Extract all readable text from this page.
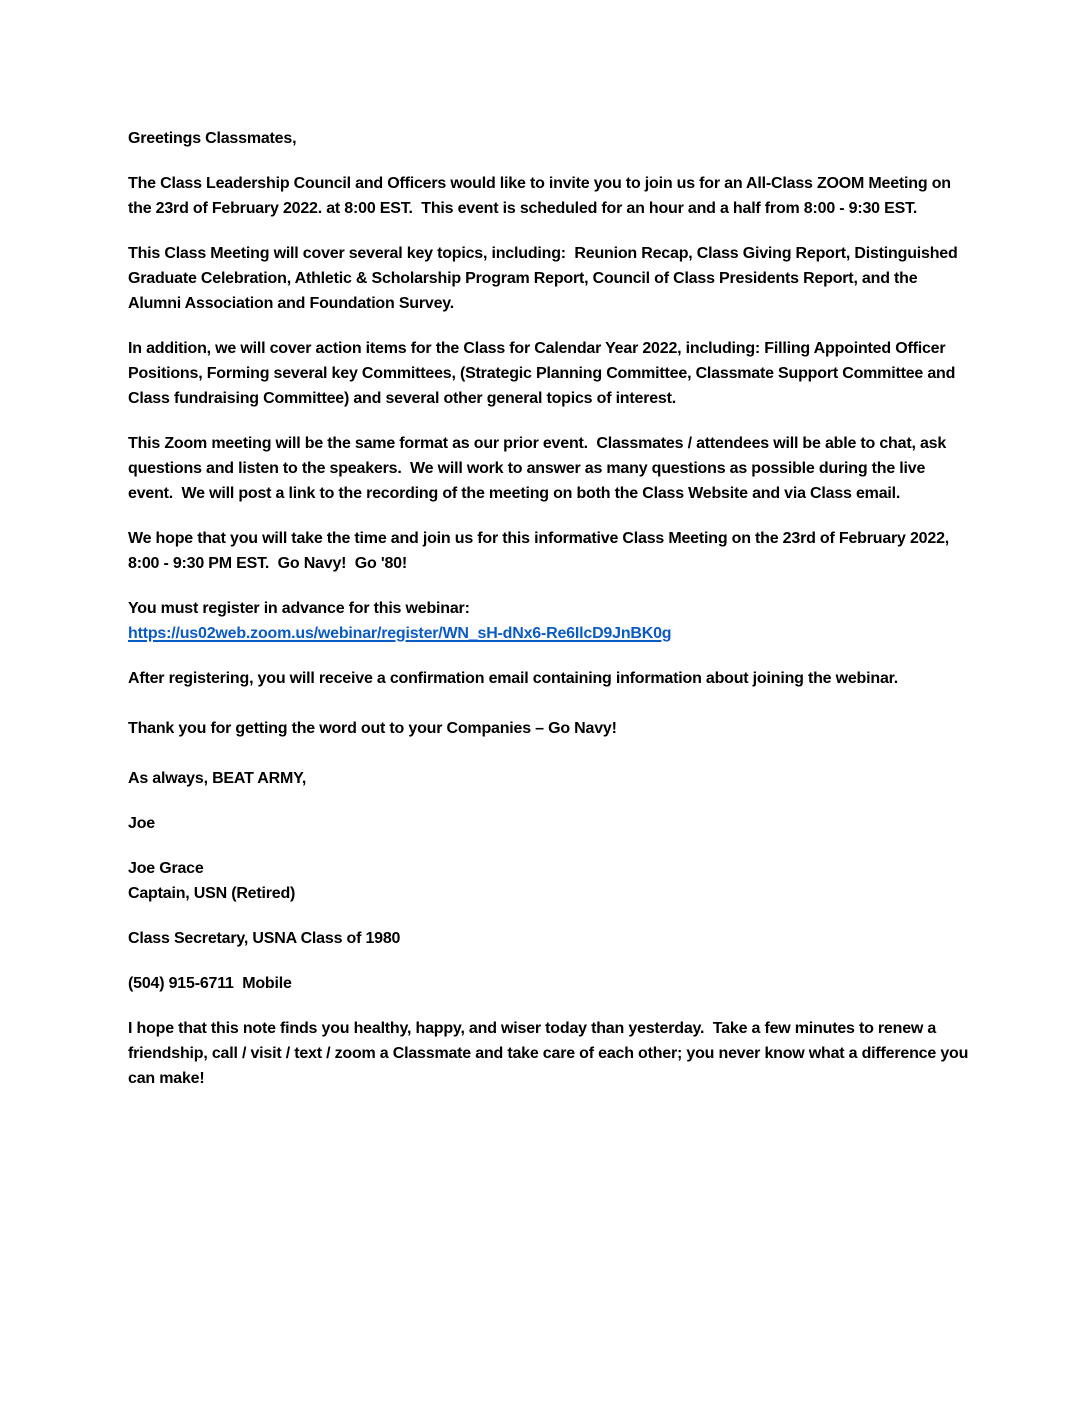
Greetings Classmates,

The Class Leadership Council and Officers would like to invite you to join us for an All-Class ZOOM Meeting on the 23rd of February 2022. at 8:00 EST.  This event is scheduled for an hour and a half from 8:00 - 9:30 EST.

This Class Meeting will cover several key topics, including:  Reunion Recap, Class Giving Report, Distinguished Graduate Celebration, Athletic & Scholarship Program Report, Council of Class Presidents Report, and the Alumni Association and Foundation Survey.

In addition, we will cover action items for the Class for Calendar Year 2022, including: Filling Appointed Officer Positions, Forming several key Committees, (Strategic Planning Committee, Classmate Support Committee and Class fundraising Committee) and several other general topics of interest.

This Zoom meeting will be the same format as our prior event.  Classmates / attendees will be able to chat, ask questions and listen to the speakers.  We will work to answer as many questions as possible during the live event.  We will post a link to the recording of the meeting on both the Class Website and via Class email.

We hope that you will take the time and join us for this informative Class Meeting on the 23rd of February 2022, 8:00 - 9:30 PM EST.  Go Navy!  Go '80!

You must register in advance for this webinar:
https://us02web.zoom.us/webinar/register/WN_sH-dNx6-Re6IlcD9JnBK0g

After registering, you will receive a confirmation email containing information about joining the webinar.

Thank you for getting the word out to your Companies – Go Navy!

As always, BEAT ARMY,

Joe

Joe Grace
Captain, USN (Retired)

Class Secretary, USNA Class of 1980

(504) 915-6711  Mobile

I hope that this note finds you healthy, happy, and wiser today than yesterday.  Take a few minutes to renew a friendship, call / visit / text / zoom a Classmate and take care of each other; you never know what a difference you can make!
